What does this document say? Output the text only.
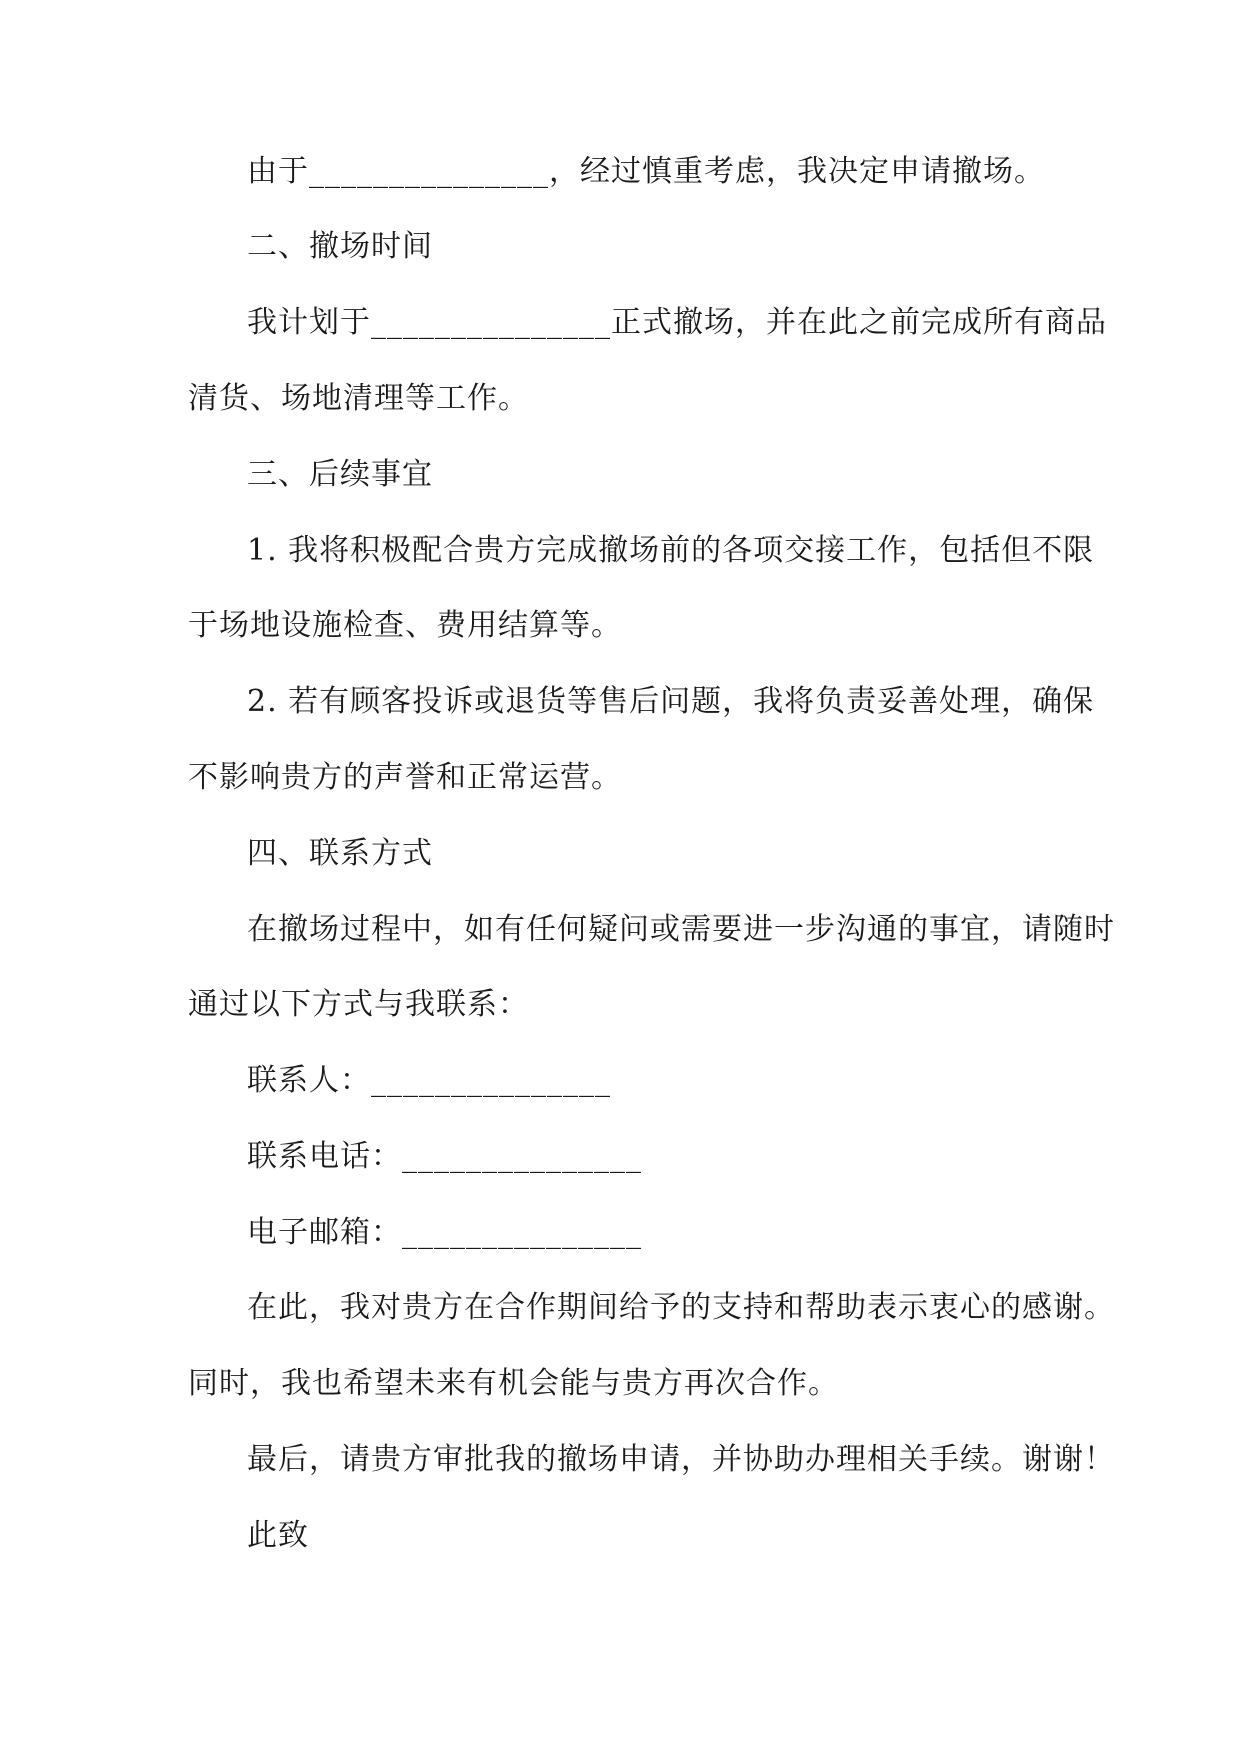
由于_______________，经过慎重考虑，我决定申请撤场。
二、撤场时间
我计划于_______________正式撤场，并在此之前完成所有商品
清货、场地清理等工作。
三、后续事宜
1. 我将积极配合贵方完成撤场前的各项交接工作，包括但不限
于场地设施检查、费用结算等。
2. 若有顾客投诉或退货等售后问题，我将负责妥善处理，确保
不影响贵方的声誉和正常运营。
四、联系方式
在撤场过程中，如有任何疑问或需要进一步沟通的事宜，请随时
通过以下方式与我联系：
联系人：_______________
联系电话：_______________
电子邮箱：_______________
在此，我对贵方在合作期间给予的支持和帮助表示衷心的感谢。
同时，我也希望未来有机会能与贵方再次合作。
最后，请贵方审批我的撤场申请，并协助办理相关手续。谢谢！
此致
